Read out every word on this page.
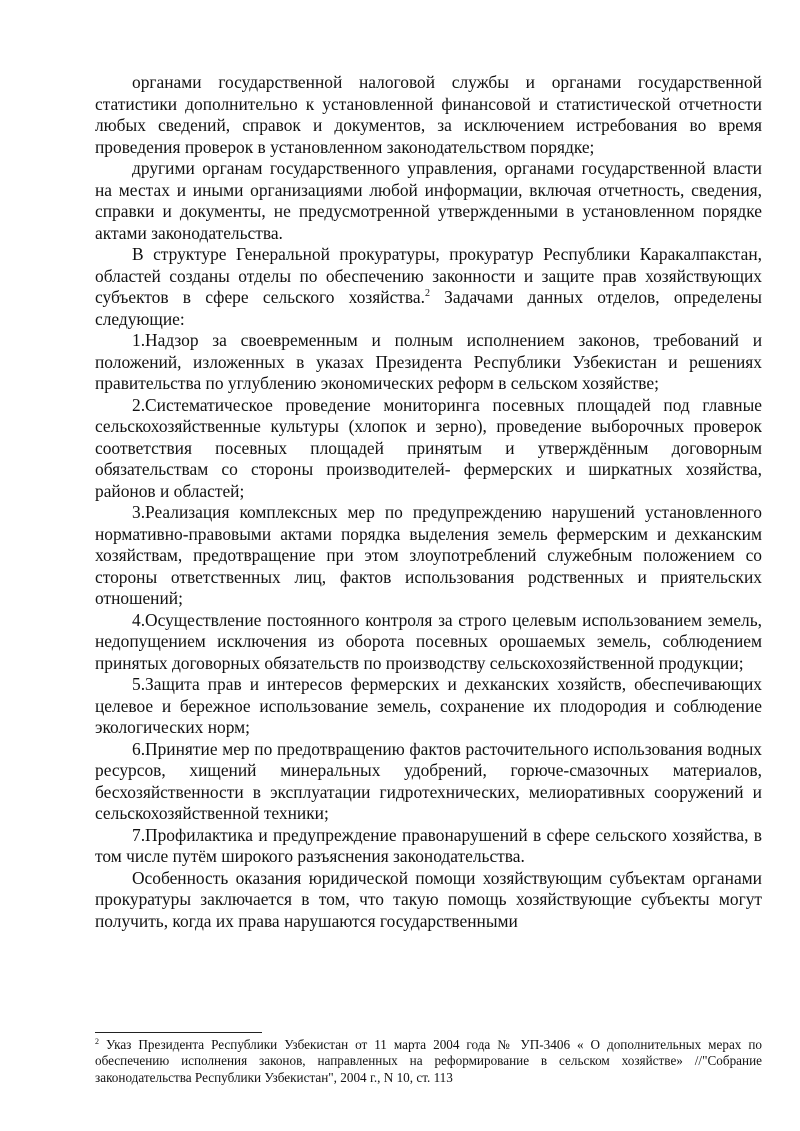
органами государственной налоговой службы и органами государственной статистики дополнительно к установленной финансовой и статистической отчетности любых сведений, справок и документов, за исключением истребования во время проведения проверок в установленном законодательством порядке;

другими органам государственного управления, органами государственной власти на местах и иными организациями любой информации, включая отчетность, сведения, справки и документы, не предусмотренной утвержденными в установленном порядке актами законодательства.

В структуре Генеральной прокуратуры, прокуратур Республики Каракалпакстан, областей созданы отделы по обеспечению законности и защите прав хозяйствующих субъектов в сфере сельского хозяйства.$^2$ Задачами данных отделов, определены следующие:

1.Надзор за своевременным и полным исполнением законов, требований и положений, изложенных в указах Президента Республики Узбекистан и решениях правительства по углублению экономических реформ в сельском хозяйстве;

2.Систематическое проведение мониторинга посевных площадей под главные сельскохозяйственные культуры (хлопок и зерно), проведение выборочных проверок соответствия посевных площадей принятым и утверждённым договорным обязательствам со стороны производителей- фермерских и ширкатных хозяйства, районов и областей;

3.Реализация комплексных мер по предупреждению нарушений установленного нормативно-правовыми актами порядка выделения земель фермерским и дехканским хозяйствам, предотвращение при этом злоупотреблений служебным положением со стороны ответственных лиц, фактов использования родственных и приятельских отношений;

4.Осуществление постоянного контроля за строго целевым использованием земель, недопущением исключения из оборота посевных орошаемых земель, соблюдением принятых договорных обязательств по производству сельскохозяйственной продукции;

5.Защита прав и интересов фермерских и дехканских хозяйств, обеспечивающих целевое и бережное использование земель, сохранение их плодородия и соблюдение экологических норм;

6.Принятие мер по предотвращению фактов расточительного использования водных ресурсов, хищений минеральных удобрений, горюче-смазочных материалов, бесхозяйственности в эксплуатации гидротехнических, мелиоративных сооружений и сельскохозяйственной техники;

7.Профилактика и предупреждение правонарушений в сфере сельского хозяйства, в том числе путём широкого разъяснения законодательства.

Особенность оказания юридической помощи хозяйствующим субъектам органами прокуратуры заключается в том, что такую помощь хозяйствующие субъекты могут получить, когда их права нарушаются государственными

$^2$ Указ Президента Республики Узбекистан от 11 марта 2004 года № УП-3406 « О дополнительных мерах по обеспечению исполнения законов, направленных на реформирование в сельском хозяйстве» //"Собрание законодательства Республики Узбекистан", 2004 г., N 10, ст. 113
